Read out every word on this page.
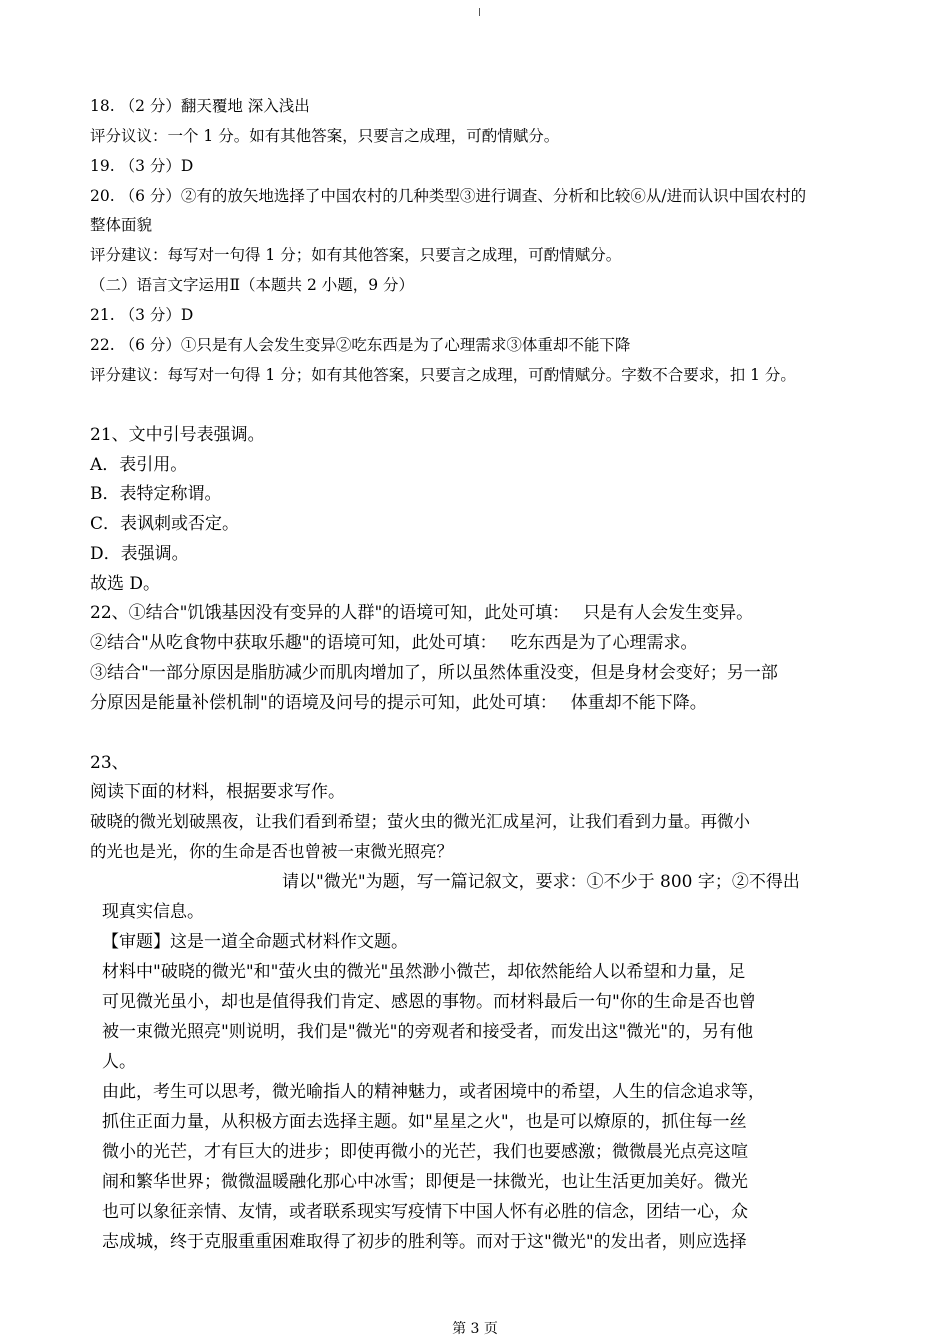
18. （2 分）翻天覆地 深入浅出
评分议议：一个 1 分。如有其他答案，只要言之成理，可酌情赋分。
19. （3 分）D
20. （6 分）②有的放矢地选择了中国农村的几种类型③进行调查、分析和比较⑥从/进而认识中国农村的
整体面貌
评分建议：每写对一句得 1 分；如有其他答案，只要言之成理，可酌情赋分。
（二）语言文字运用Ⅱ（本题共 2 小题，9 分）
21. （3 分）D
22. （6 分）①只是有人会发生变异②吃东西是为了心理需求③体重却不能下降
评分建议：每写对一句得 1 分；如有其他答案，只要言之成理，可酌情赋分。字数不合要求，扣 1 分。
21、文中引号表强调。
A．表引用。
B．表特定称谓。
C．表讽刺或否定。
D．表强调。
故选 D。
22、①结合"饥饿基因没有变异的人群"的语境可知，此处可填：　 只是有人会发生变异。
②结合"从吃食物中获取乐趣"的语境可知，此处可填：　 吃东西是为了心理需求。
③结合"一部分原因是脂肪减少而肌肉增加了，所以虽然体重没变，但是身材会变好；另一部
分原因是能量补偿机制"的语境及问号的提示可知，此处可填：　 体重却不能下降。
23、
阅读下面的材料，根据要求写作。
破晓的微光划破黑夜，让我们看到希望；萤火虫的微光汇成星河，让我们看到力量。再微小
的光也是光，你的生命是否也曾被一束微光照亮？
请以"微光"为题，写一篇记叙文，要求：①不少于 800 字；②不得出
现真实信息。
【审题】这是一道全命题式材料作文题。
材料中"破晓的微光"和"萤火虫的微光"虽然渺小微芒，却依然能给人以希望和力量，足
可见微光虽小，却也是值得我们肯定、感恩的事物。而材料最后一句"你的生命是否也曾
被一束微光照亮"则说明，我们是"微光"的旁观者和接受者，而发出这"微光"的，另有他
人。
由此，考生可以思考，微光喻指人的精神魅力，或者困境中的希望，人生的信念追求等，
抓住正面力量，从积极方面去选择主题。如"星星之火"，也是可以燎原的，抓住每一丝
微小的光芒，才有巨大的进步；即使再微小的光芒，我们也要感激；微微晨光点亮这喧
闹和繁华世界；微微温暖融化那心中冰雪；即便是一抹微光，也让生活更加美好。微光
也可以象征亲情、友情，或者联系现实写疫情下中国人怀有必胜的信念，团结一心，众
志成城，终于克服重重困难取得了初步的胜利等。而对于这"微光"的发出者，则应选择
第 3 页
